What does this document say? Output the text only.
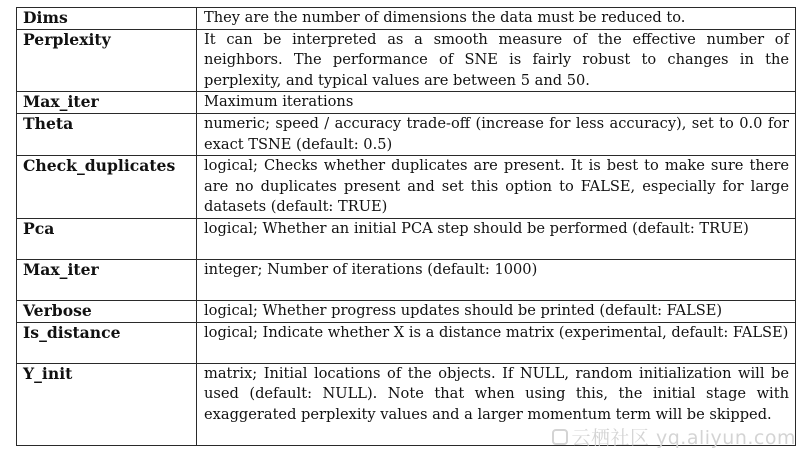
Dims	They are the number of dimensions the data must be reduced to.
Perplexity	It can be interpreted as a smooth measure of the effective number of neighbors. The performance of SNE is fairly robust to changes in the perplexity, and typical values are between 5 and 50.
Max_iter	Maximum iterations
Theta	numeric; speed / accuracy trade-off (increase for less accuracy), set to 0.0 for exact TSNE (default: 0.5)
Check_duplicates	logical; Checks whether duplicates are present. It is best to make sure there are no duplicates present and set this option to FALSE, especially for large datasets (default: TRUE)
Pca	logical; Whether an initial PCA step should be performed (default: TRUE)
Max_iter	integer; Number of iterations (default: 1000)
Verbose	logical; Whether progress updates should be printed (default: FALSE)
Is_distance	logical; Indicate whether X is a distance matrix (experimental, default: FALSE)
Y_init	matrix; Initial locations of the objects. If NULL, random initialization will be used (default: NULL). Note that when using this, the initial stage with exaggerated perplexity values and a larger momentum term will be skipped.
云栖社区 yq.aliyun.com
